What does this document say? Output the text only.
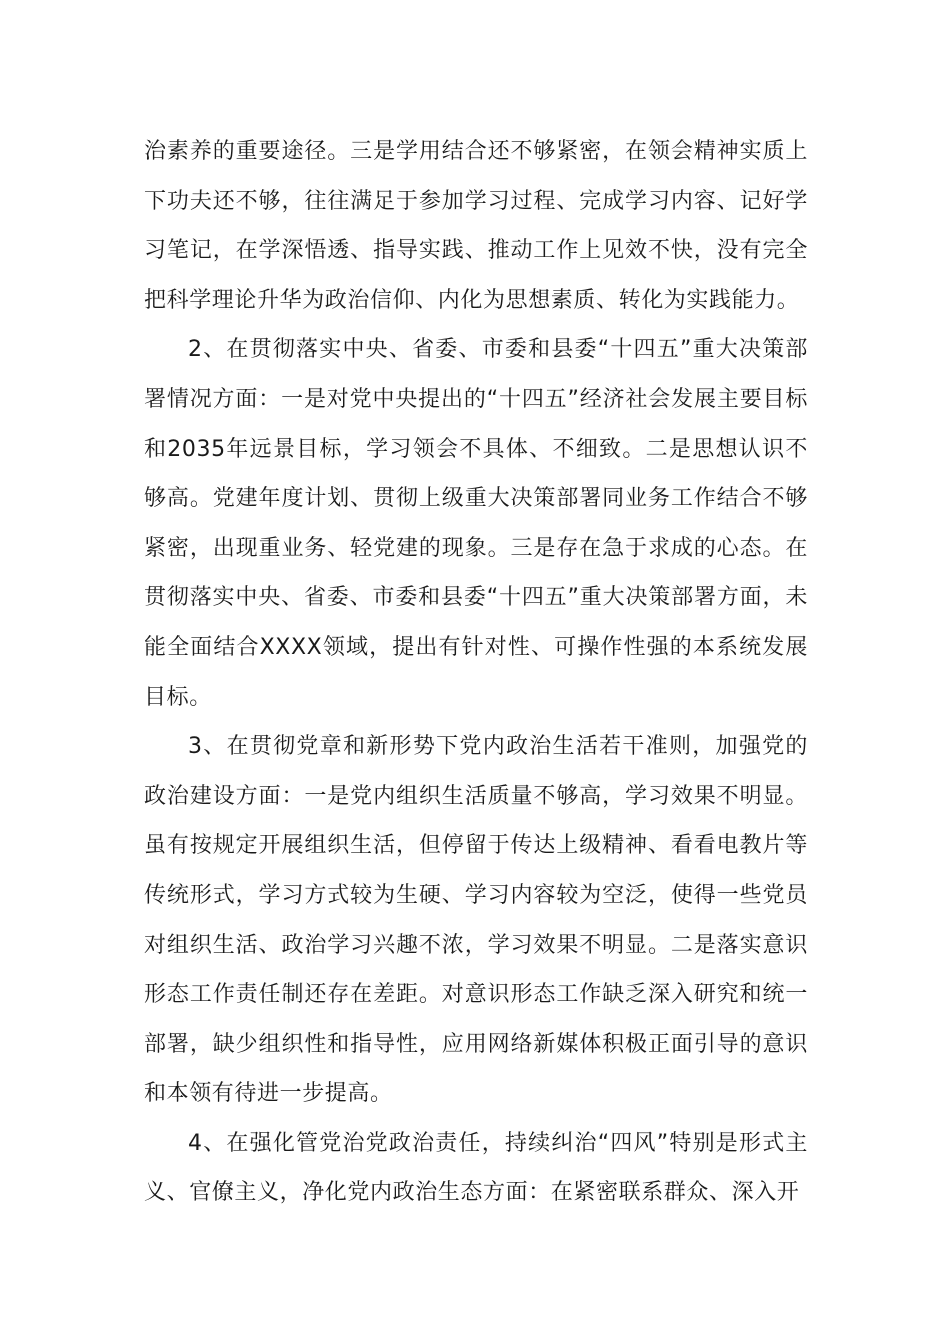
治素养的重要途径。三是学用结合还不够紧密，在领会精神实质上下功夫还不够，往往满足于参加学习过程、完成学习内容、记好学习笔记，在学深悟透、指导实践、推动工作上见效不快，没有完全把科学理论升华为政治信仰、内化为思想素质、转化为实践能力。

2、在贯彻落实中央、省委、市委和县委“十四五”重大决策部署情况方面：一是对党中央提出的“十四五”经济社会发展主要目标和2035年远景目标，学习领会不具体、不细致。二是思想认识不够高。党建年度计划、贯彻上级重大决策部署同业务工作结合不够紧密，出现重业务、轻党建的现象。三是存在急于求成的心态。在贯彻落实中央、省委、市委和县委“十四五”重大决策部署方面，未能全面结合XXXX领域，提出有针对性、可操作性强的本系统发展目标。

3、在贯彻党章和新形势下党内政治生活若干准则，加强党的政治建设方面：一是党内组织生活质量不够高，学习效果不明显。虽有按规定开展组织生活，但停留于传达上级精神、看看电教片等传统形式，学习方式较为生硬、学习内容较为空泛，使得一些党员对组织生活、政治学习兴趣不浓，学习效果不明显。二是落实意识形态工作责任制还存在差距。对意识形态工作缺乏深入研究和统一部署，缺少组织性和指导性，应用网络新媒体积极正面引导的意识和本领有待进一步提高。

4、在强化管党治党政治责任，持续纠治“四风”特别是形式主义、官僚主义，净化党内政治生态方面：在紧密联系群众、深入开
